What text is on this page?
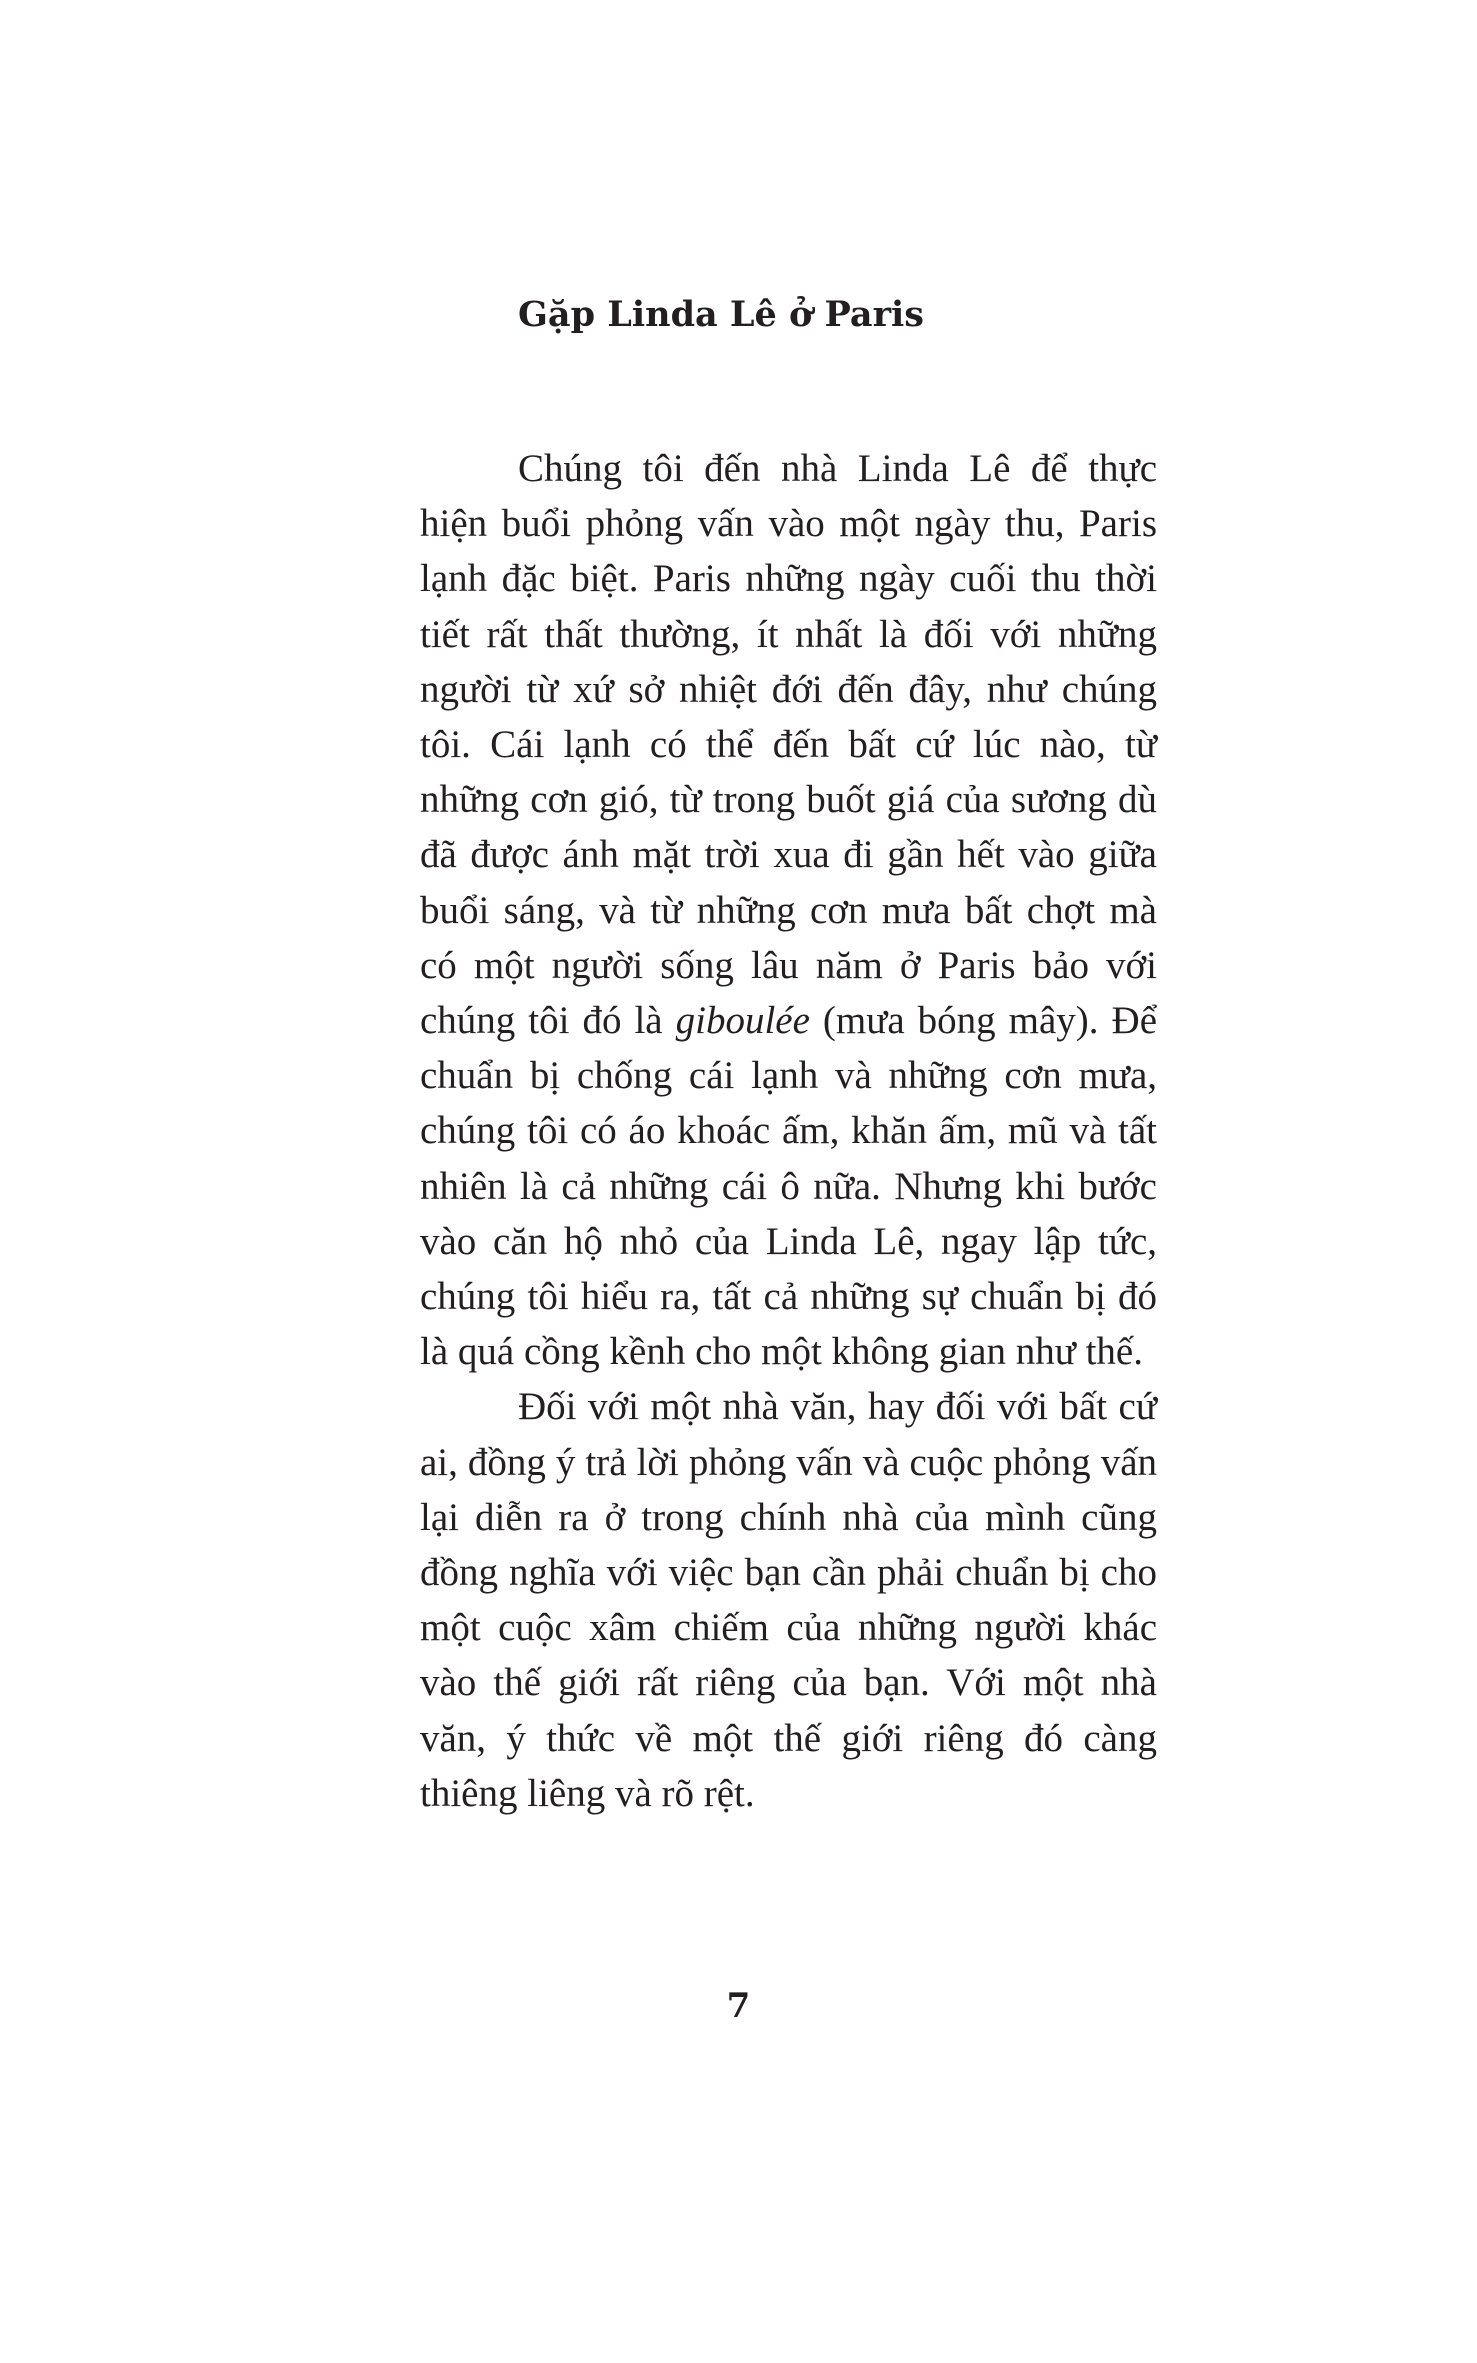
Gặp Linda Lê ở Paris

Chúng tôi đến nhà Linda Lê để thực hiện buổi phỏng vấn vào một ngày thu, Paris lạnh đặc biệt. Paris những ngày cuối thu thời tiết rất thất thường, ít nhất là đối với những người từ xứ sở nhiệt đới đến đây, như chúng tôi. Cái lạnh có thể đến bất cứ lúc nào, từ những cơn gió, từ trong buốt giá của sương dù đã được ánh mặt trời xua đi gần hết vào giữa buổi sáng, và từ những cơn mưa bất chợt mà có một người sống lâu năm ở Paris bảo với chúng tôi đó là giboulée (mưa bóng mây). Để chuẩn bị chống cái lạnh và những cơn mưa, chúng tôi có áo khoác ấm, khăn ấm, mũ và tất nhiên là cả những cái ô nữa. Nhưng khi bước vào căn hộ nhỏ của Linda Lê, ngay lập tức, chúng tôi hiểu ra, tất cả những sự chuẩn bị đó là quá cồng kềnh cho một không gian như thế.

Đối với một nhà văn, hay đối với bất cứ ai, đồng ý trả lời phỏng vấn và cuộc phỏng vấn lại diễn ra ở trong chính nhà của mình cũng đồng nghĩa với việc bạn cần phải chuẩn bị cho một cuộc xâm chiếm của những người khác vào thế giới rất riêng của bạn. Với một nhà văn, ý thức về một thế giới riêng đó càng thiêng liêng và rõ rệt.

7
